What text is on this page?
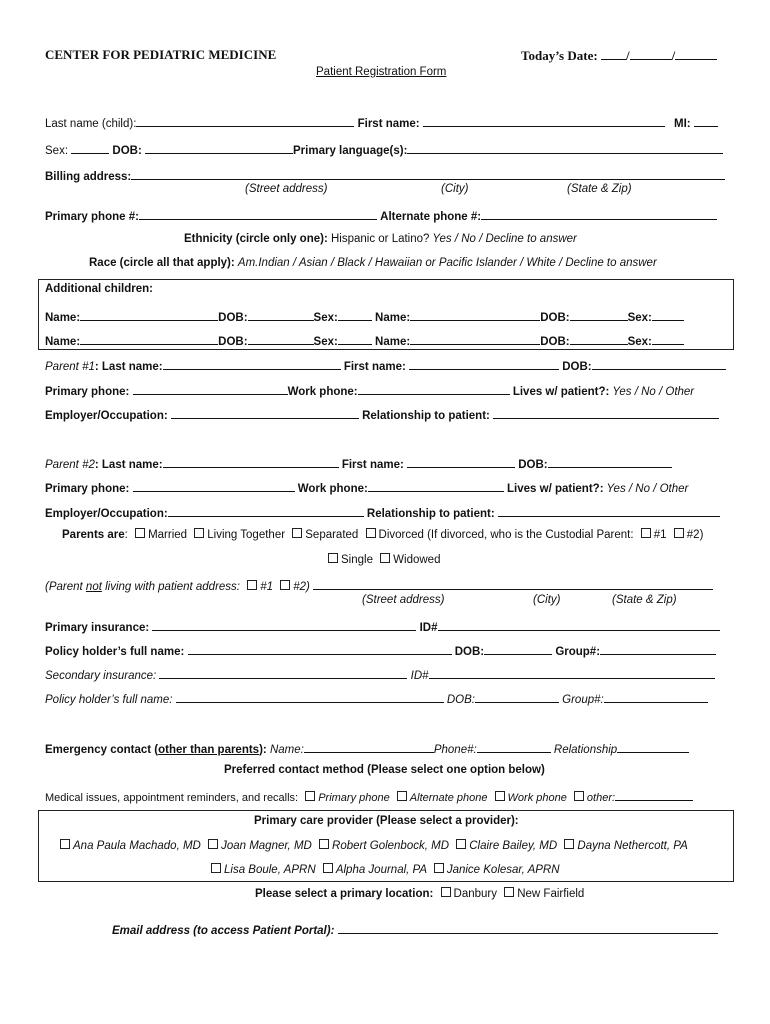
CENTER FOR PEDIATRIC MEDICINE	Today’s Date: /	/
Patient Registration Form
Last name (child):	First name:	MI:
Sex:	DOB:	Primary language(s):
Billing address:
(Street address)	(City)	(State & Zip)
Primary phone #:	Alternate phone #:
Ethnicity (circle only one): Hispanic or Latino? Yes / No / Decline to answer
Race (circle all that apply): Am.Indian / Asian / Black / Hawaiian or Pacific Islander / White / Decline to answer
Additional children:
Name:	DOB:	Sex:	Name:	DOB:	Sex:
Name:	DOB:	Sex:	Name:	DOB:	Sex:
Parent #1: Last name:	First name:	DOB:
Primary phone:	Work phone:	Lives w/ patient?: Yes / No / Other
Employer/Occupation:	Relationship to patient:
Parent #2: Last name:	First name:	DOB:
Primary phone:	Work phone:	Lives w/ patient?: Yes / No / Other
Employer/Occupation:	Relationship to patient:
Parents are: Married Living Together Separated Divorced (If divorced, who is the Custodial Parent: #1 #2)
Single Widowed
(Parent not living with patient address: #1 #2)
(Street address)	(City)	(State & Zip)
Primary insurance:	ID#
Policy holder’s full name:	DOB:	Group#:
Secondary insurance:	ID#
Policy holder’s full name:	DOB:	Group#:
Emergency contact (other than parents): Name:	Phone#:	Relationship
Preferred contact method (Please select one option below)
Medical issues, appointment reminders, and recalls: Primary phone Alternate phone Work phone other:
Primary care provider (Please select a provider):
Ana Paula Machado, MD Joan Magner, MD Robert Golenbock, MD Claire Bailey, MD Dayna Nethercott, PA
Lisa Boule, APRN Alpha Journal, PA Janice Kolesar, APRN
Please select a primary location: Danbury New Fairfield
Email address (to access Patient Portal):
